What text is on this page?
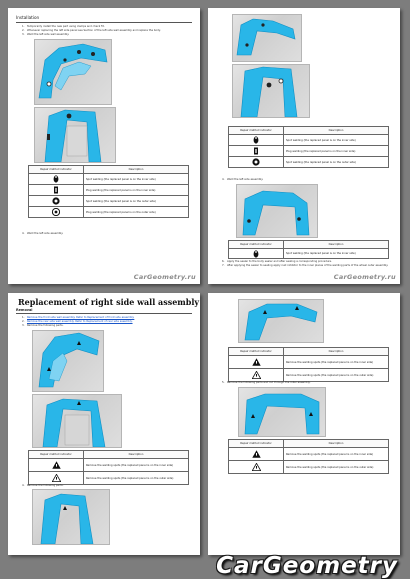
Installation
1. Temporarily install the new part using clamps and check fit.
2. Whenever replacing the left side panel see Section of the left side wall assembly and replace the body.
3. Weld the left side wall assembly.
Repair method indicator	Description
	Spot welding (the replaced panel is on the inner side)
	Plug welding (the replaced panel is on the inner side)
	Spot welding (the replaced panel is on the outer side)
	Plug welding (the replaced panel is on the outer side)
4. Weld the left side assembly.
CarGeometry.ru
Repair method indicator	Description
	Spot welding (the replaced panel is on the inner side)
	Plug welding (the replaced panel is on the inner side)
	Spot welding (the replaced panel is on the outer side)
4. Weld the left side assembly.
Repair method indicator	Description
	Spot welding (the replaced panel is on the inner side)
6. Apply the sealer to the body sealer and after sealing a corresponding procedure.
7. After applying the sealer to sealing apply rust inhibitor to the inner places of the welding parts of the wheel outer assembly.
CarGeometry.ru
Replacement of right side wall assembly
Removal
1. Remove the front side wall assembly. Refer to Replacement of front side assembly.
2. Remove the rear side wall assembly. Refer to Replacement of rear side assembly.
3. Remove the following parts.
Repair method indicator	Description
	Remove the welding spots (the replaced panel is on the inner side)
	Remove the welding spots (the replaced panel is on the outer side)
4. Remove the following parts.
Repair method indicator	Description
	Remove the welding spots (the replaced panel is on the inner side)
	Remove the welding spots (the replaced panel is on the outer side)
5. Remove the following parts and cut through the roller assembly.
Repair method indicator	Description
	Remove the welding spots (the replaced panel is on the inner side)
	Remove the welding spots (the replaced panel is on the outer side)
CarGeometry
